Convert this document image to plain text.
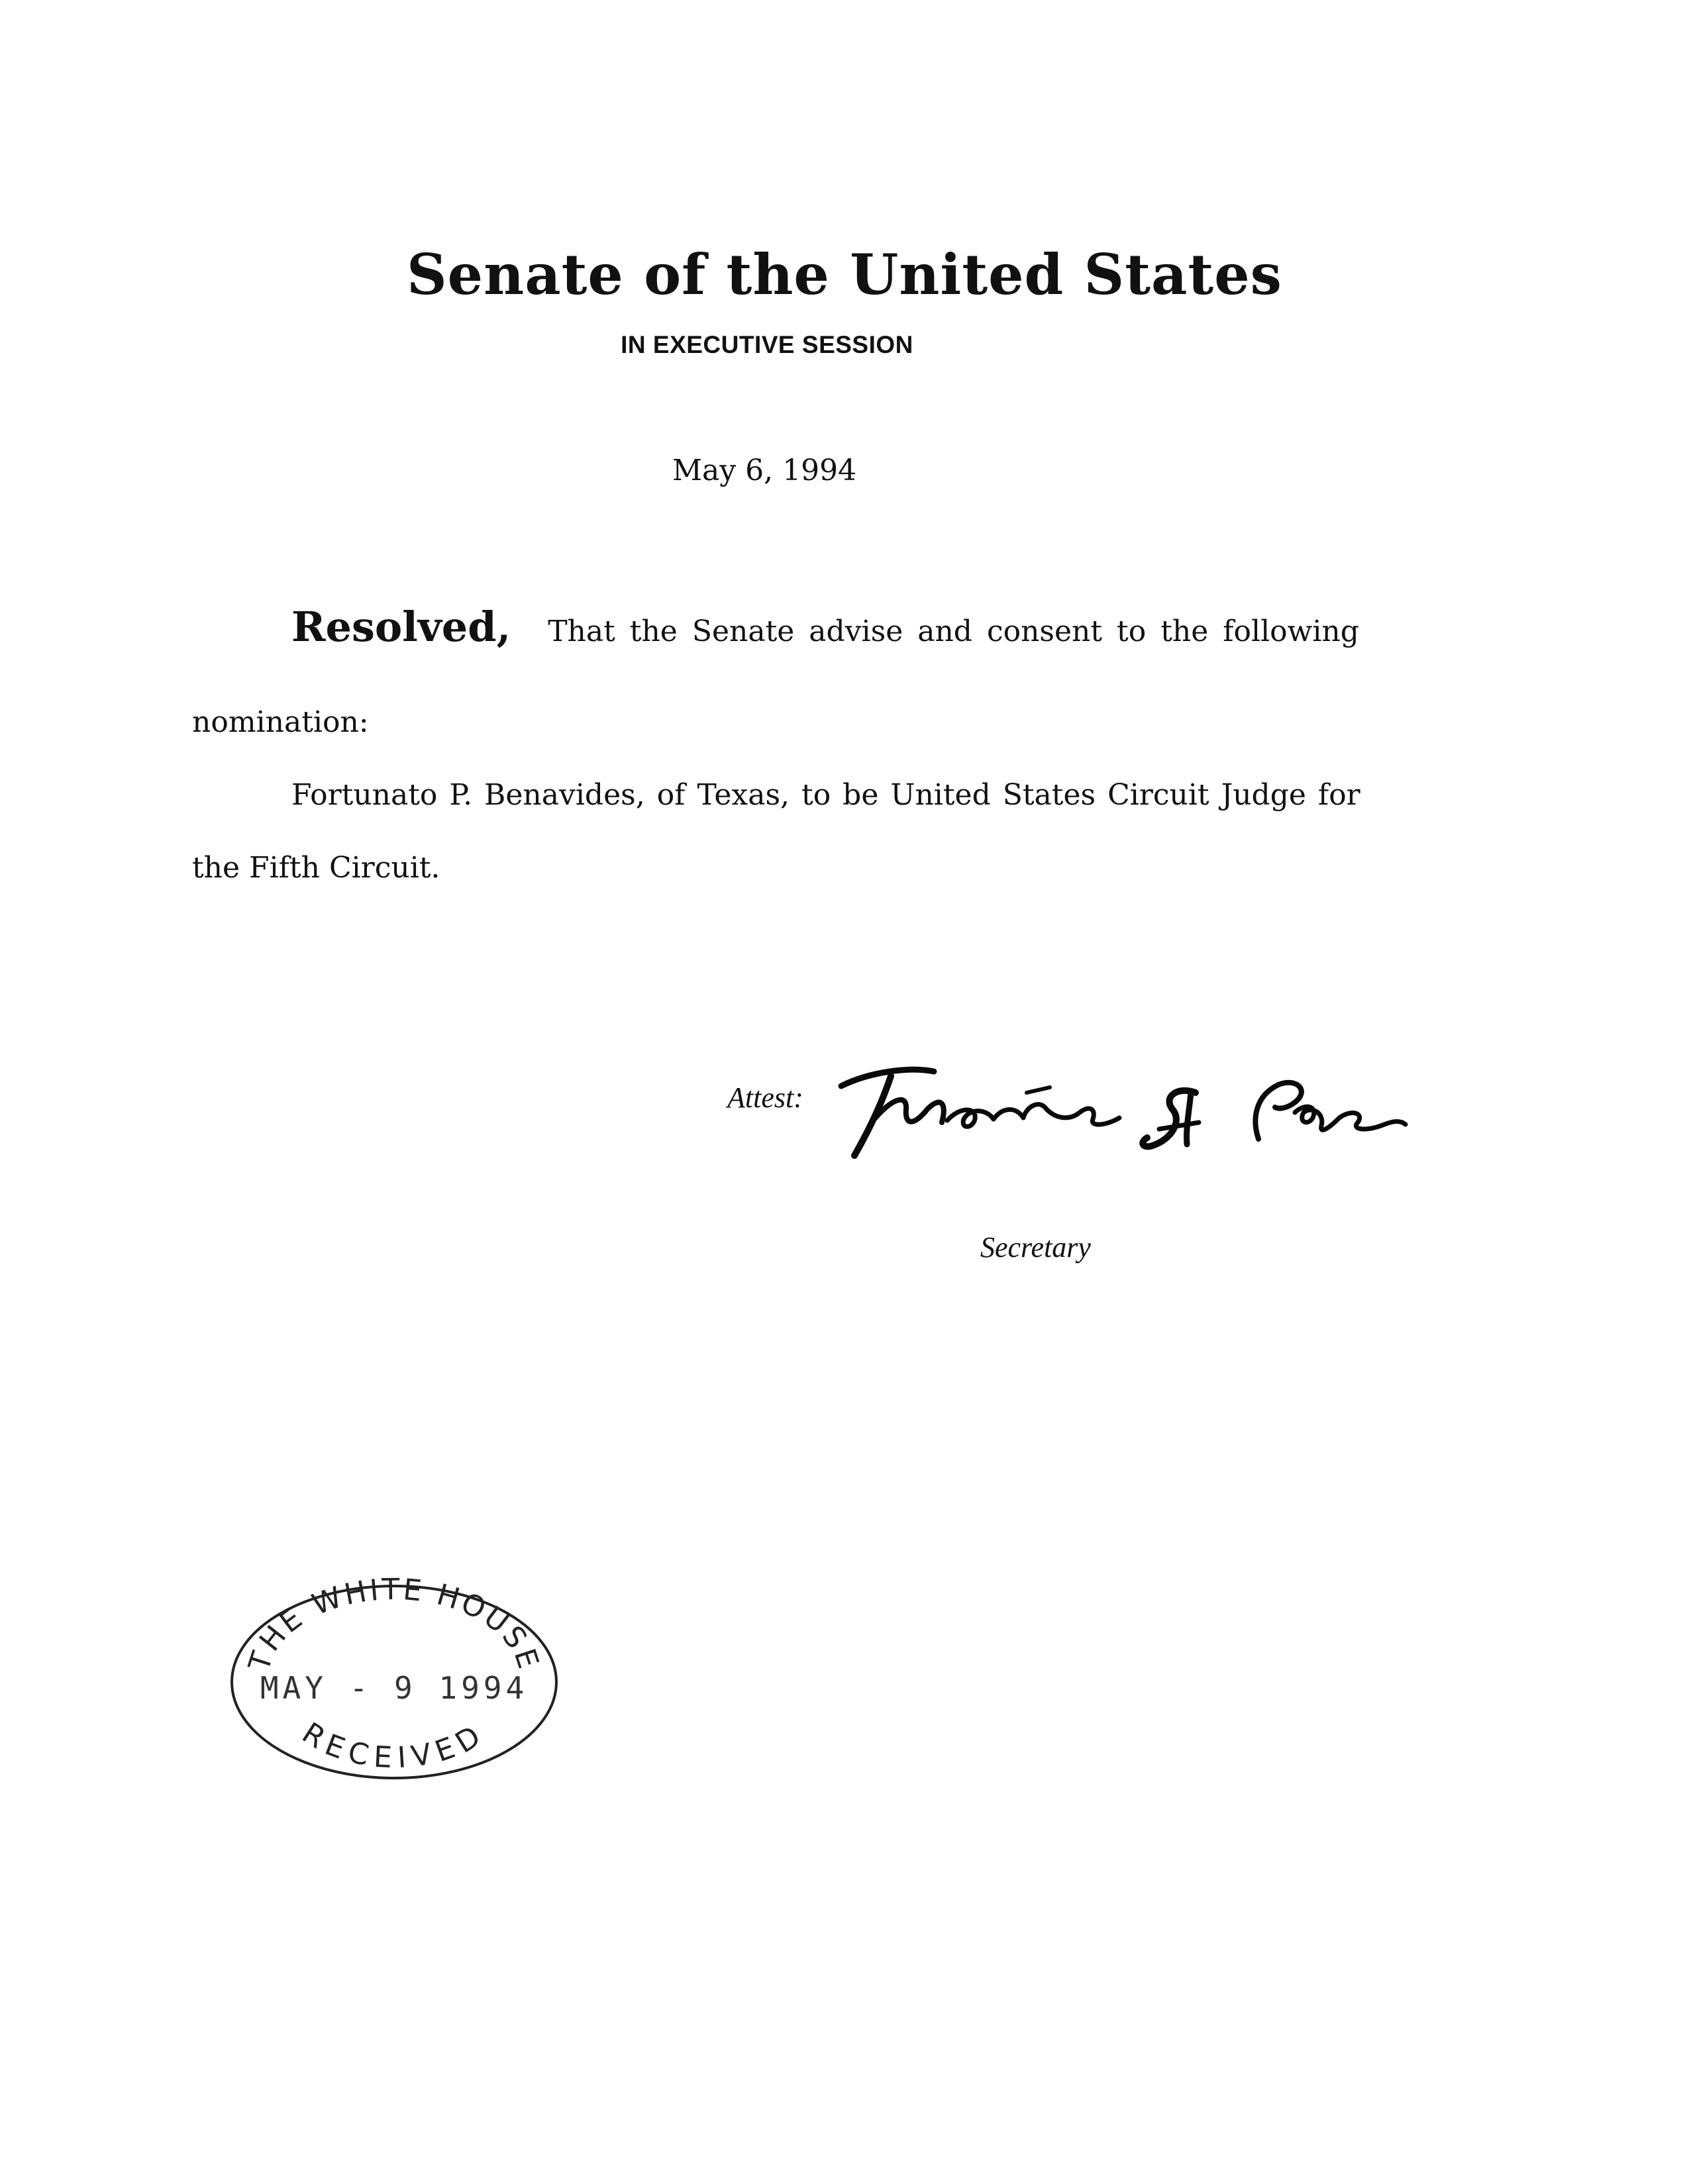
Senate of the United States
IN EXECUTIVE SESSION
May 6, 1994
Resolved, That the Senate advise and consent to the following
nomination:
Fortunato P. Benavides, of Texas, to be United States Circuit Judge for
the Fifth Circuit.
Attest:
Secretary
THE WHITE HOUSE
MAY - 9 1994
RECEIVED
